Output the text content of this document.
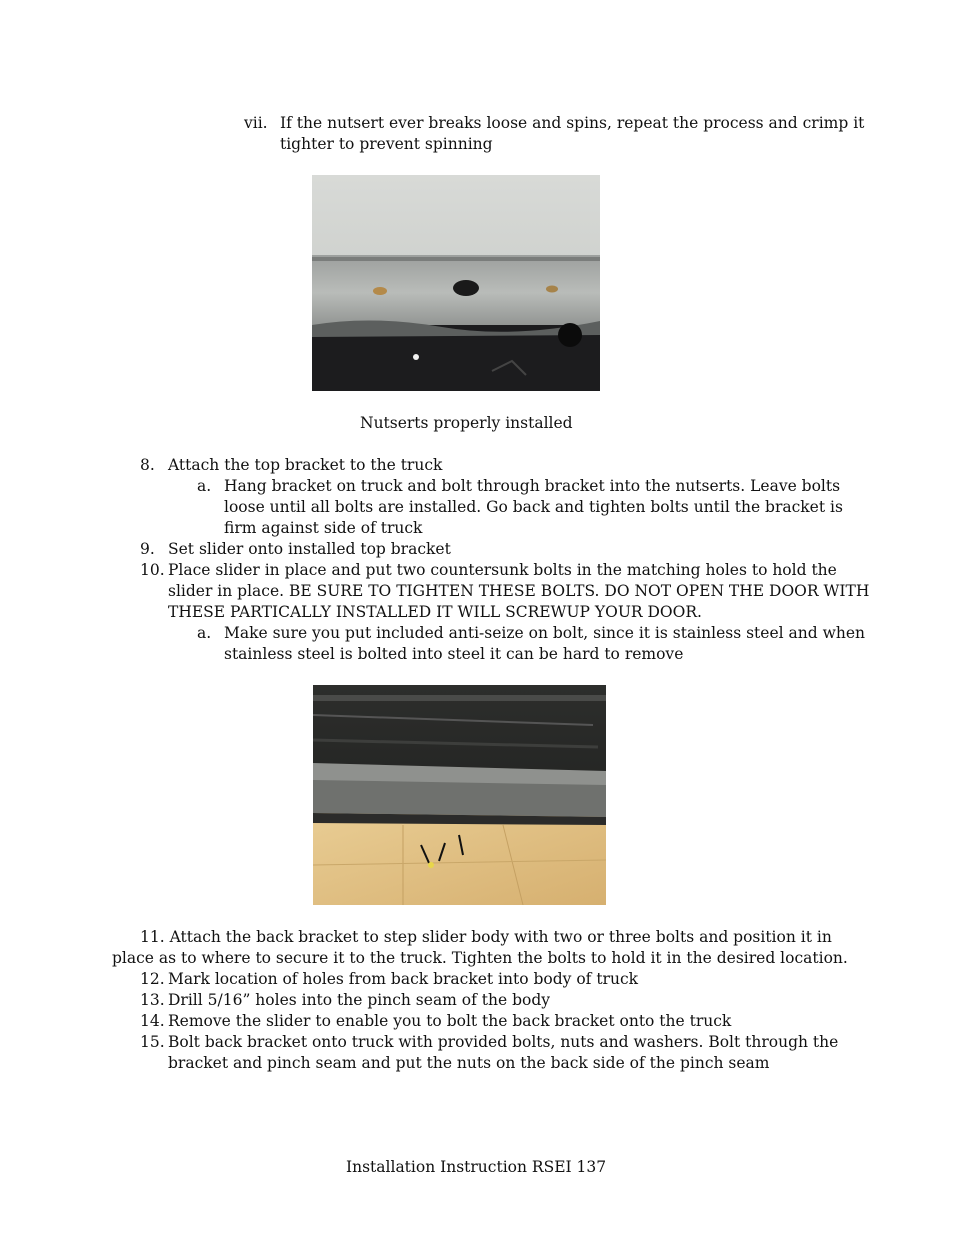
vii. If the nutsert ever breaks loose and spins, repeat the process and crimp it
tighter to prevent spinning
Nutserts properly installed
8. Attach the top bracket to the truck
a. Hang bracket on truck and bolt through bracket into the nutserts. Leave bolts
loose until all bolts are installed. Go back and tighten bolts until the bracket is
firm against side of truck
9. Set slider onto installed top bracket
10. Place slider in place and put two countersunk bolts in the matching holes to hold the
slider in place. BE SURE TO TIGHTEN THESE BOLTS. DO NOT OPEN THE DOOR WITH
THESE PARTICALLY INSTALLED IT WILL SCREWUP YOUR DOOR.
a. Make sure you put included anti-seize on bolt, since it is stainless steel and when
stainless steel is bolted into steel it can be hard to remove
11. Attach the back bracket to step slider body with two or three bolts and position it in
place as to where to secure it to the truck. Tighten the bolts to hold it in the desired location.
12. Mark location of holes from back bracket into body of truck
13. Drill 5/16” holes into the pinch seam of the body
14. Remove the slider to enable you to bolt the back bracket onto the truck
15. Bolt back bracket onto truck with provided bolts, nuts and washers. Bolt through the
bracket and pinch seam and put the nuts on the back side of the pinch seam
Installation Instruction RSEI 137
